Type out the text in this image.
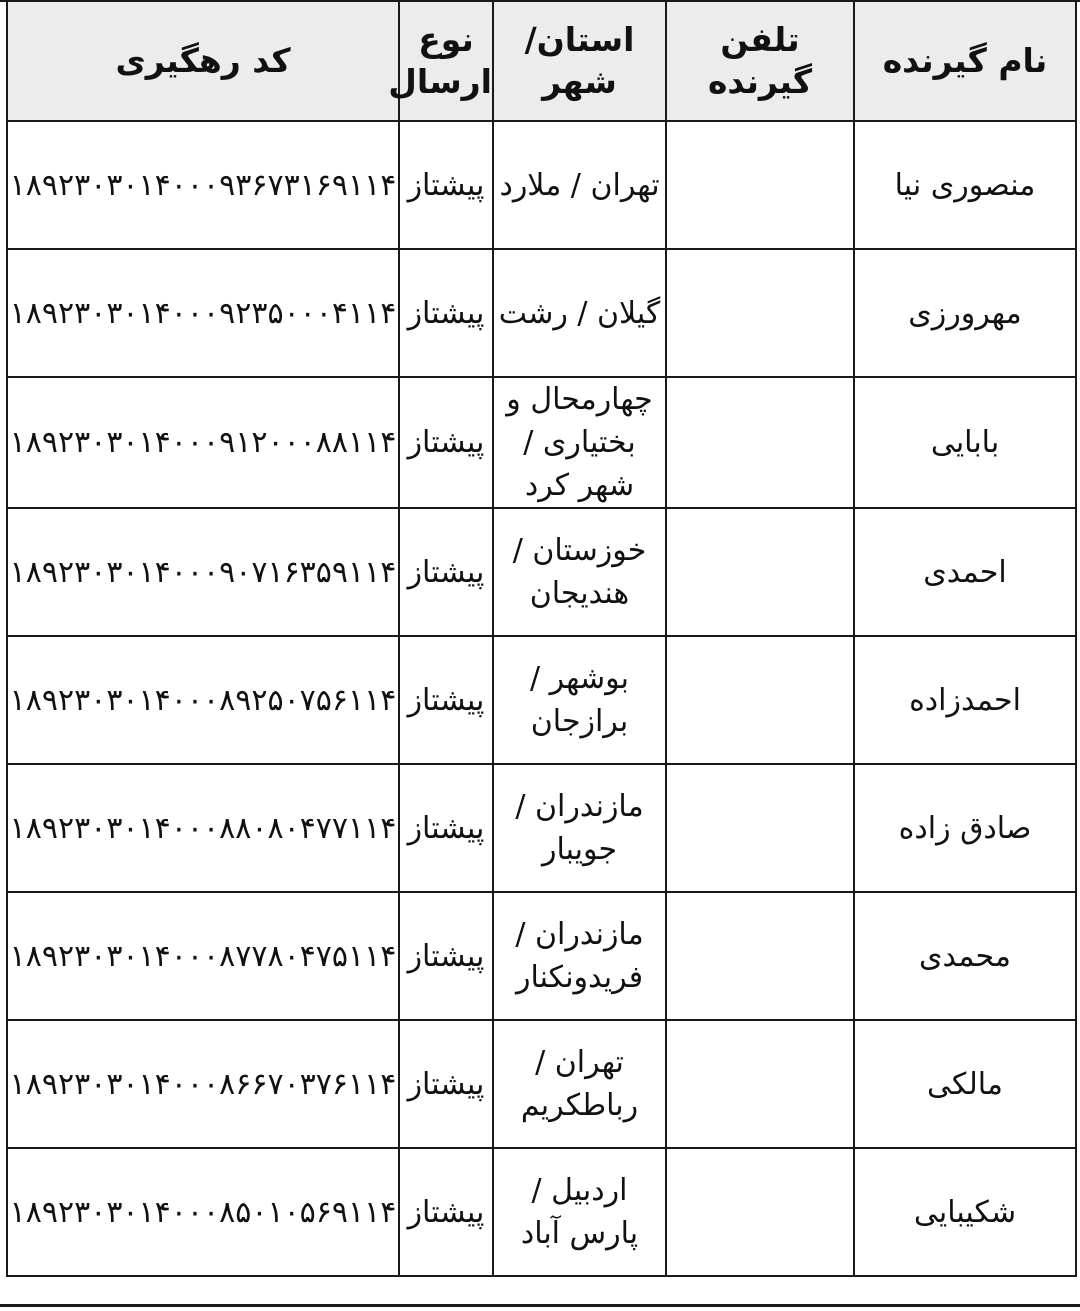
کد رهگیری	نوع ارسال	استان/ شهر	تلفن گیرنده	نام گیرنده
۱۸۹۲۳۰۳۰۱۴۰۰۰۹۳۶۷۳۱۶۹۱۱۴	پیشتاز	تهران / ملارد		منصوری نیا
۱۸۹۲۳۰۳۰۱۴۰۰۰۹۲۳۵۰۰۰۴۱۱۴	پیشتاز	گیلان / رشت		مهرورزی
۱۸۹۲۳۰۳۰۱۴۰۰۰۹۱۲۰۰۰۸۸۱۱۴	پیشتاز	چهارمحال و بختیاری / شهر کرد		بابایی
۱۸۹۲۳۰۳۰۱۴۰۰۰۹۰۷۱۶۳۵۹۱۱۴	پیشتاز	خوزستان / هندیجان		احمدی
۱۸۹۲۳۰۳۰۱۴۰۰۰۸۹۲۵۰۷۵۶۱۱۴	پیشتاز	بوشهر / برازجان		احمدزاده
۱۸۹۲۳۰۳۰۱۴۰۰۰۸۸۰۸۰۴۷۷۱۱۴	پیشتاز	مازندران / جویبار		صادق زاده
۱۸۹۲۳۰۳۰۱۴۰۰۰۸۷۷۸۰۴۷۵۱۱۴	پیشتاز	مازندران / فریدونکنار		محمدی
۱۸۹۲۳۰۳۰۱۴۰۰۰۸۶۶۷۰۳۷۶۱۱۴	پیشتاز	تهران / رباطکریم		مالکی
۱۸۹۲۳۰۳۰۱۴۰۰۰۸۵۰۱۰۵۶۹۱۱۴	پیشتاز	اردبیل / پارس آباد		شکیبایی
